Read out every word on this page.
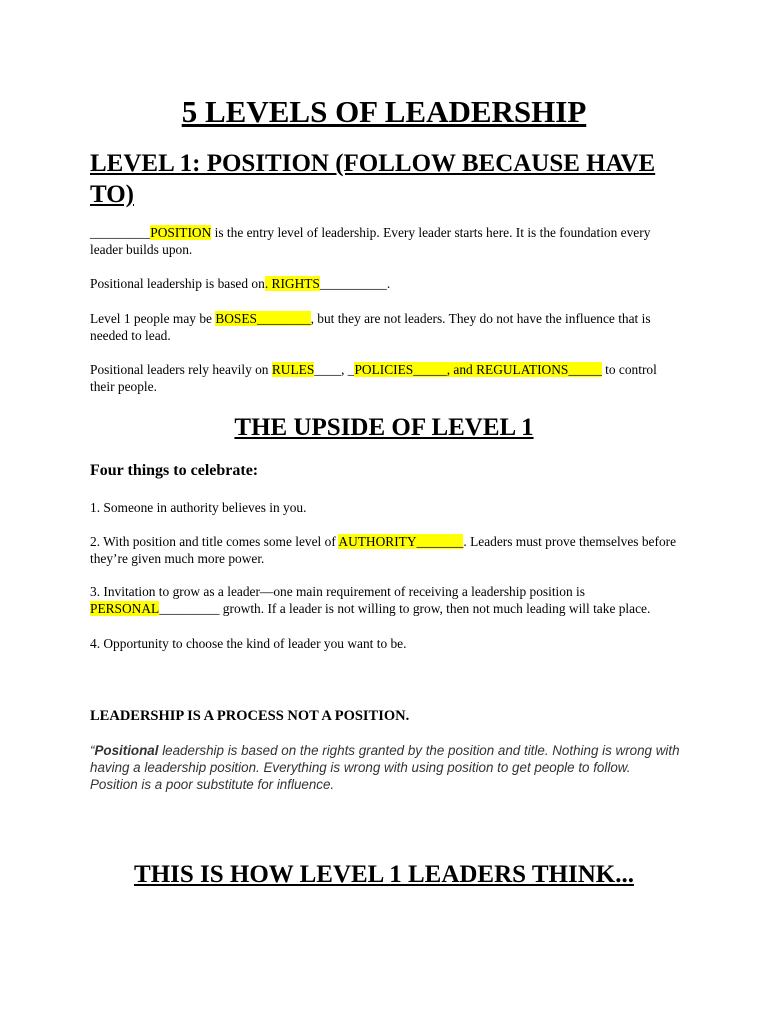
5 LEVELS OF LEADERSHIP
LEVEL 1: POSITION (FOLLOW BECAUSE HAVE TO)

_________POSITION is the entry level of leadership. Every leader starts here. It is the foundation every leader builds upon.

Positional leadership is based on. RIGHTS__________.

Level 1 people may be BOSES________, but they are not leaders. They do not have the influence that is needed to lead.

Positional leaders rely heavily on RULES____, _POLICIES_____, and REGULATIONS_____ to control their people.

THE UPSIDE OF LEVEL 1
Four things to celebrate:

1. Someone in authority believes in you.

2. With position and title comes some level of AUTHORITY_______. Leaders must prove themselves before they’re given much more power.

3. Invitation to grow as a leader—one main requirement of receiving a leadership position is PERSONAL_________ growth. If a leader is not willing to grow, then not much leading will take place.

4. Opportunity to choose the kind of leader you want to be.

LEADERSHIP IS A PROCESS NOT A POSITION.

“Positional leadership is based on the rights granted by the position and title. Nothing is wrong with having a leadership position. Everything is wrong with using position to get people to follow. Position is a poor substitute for influence.

THIS IS HOW LEVEL 1 LEADERS THINK...
